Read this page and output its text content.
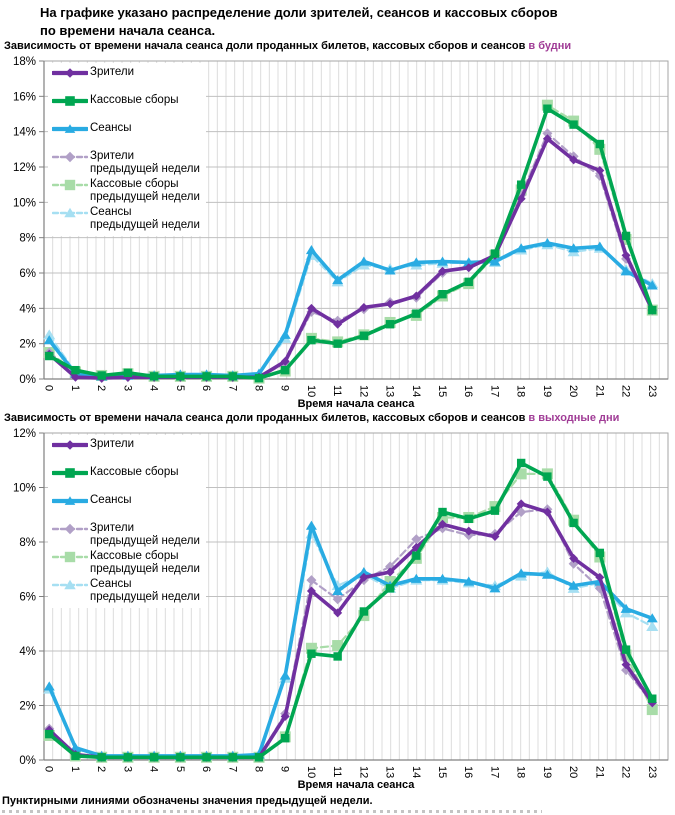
На графике указано распределение доли зрителей, сеансов и кассовых сборов по времени начала сеанса.
Зависимость от времени начала сеанса доли проданных билетов, кассовых сборов и сеансов в будни
0%
2%
4%
6%
8%
10%
12%
14%
16%
18%
0 1 2 3 4 5 6 7 8 9 10 11 12 13 14 15 16 17 18 19 20 21 22 23
Время начала сеанса
Зрители
Кассовые сборы
Сеансы
Зрители
предыдущей недели
Кассовые сборы
предыдущей недели
Сеансы
предыдущей недели
Зависимость от времени начала сеанса доли проданных билетов, кассовых сборов и сеансов в выходные дни
0%
2%
4%
6%
8%
10%
12%
0 1 2 3 4 5 6 7 8 9 10 11 12 13 14 15 16 17 18 19 20 21 22 23
Время начала сеанса
Зрители
Кассовые сборы
Сеансы
Зрители
предыдущей недели
Кассовые сборы
предыдущей недели
Сеансы
предыдущей недели
Пунктирными линиями обозначены значения предыдущей недели.
